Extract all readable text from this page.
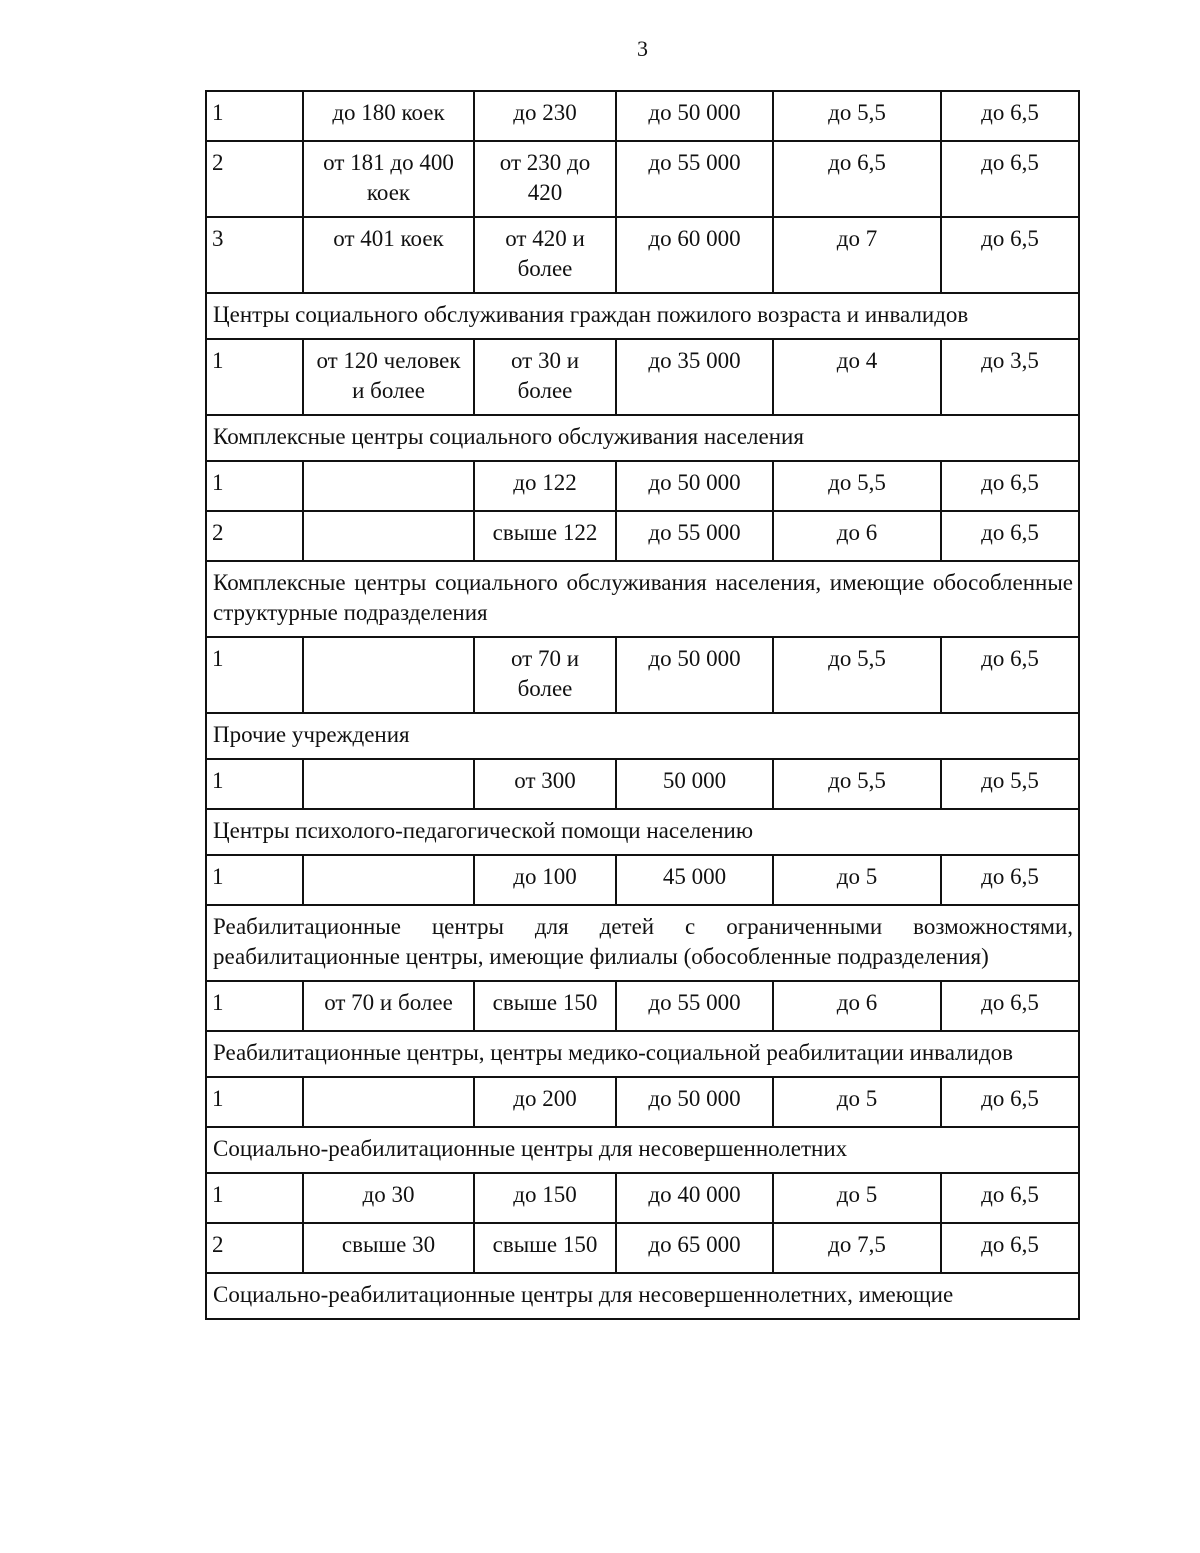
3
1	до 180 коек	до 230	до 50 000	до 5,5	до 6,5
2	от 181 до 400 коек	от 230 до 420	до 55 000	до 6,5	до 6,5
3	от 401 коек	от 420 и более	до 60 000	до 7	до 6,5
Центры социального обслуживания граждан пожилого возраста и инвалидов					
1	от 120 человек и более	от 30 и более	до 35 000	до 4	до 3,5
Комплексные центры социального обслуживания населения					
1		до 122	до 50 000	до 5,5	до 6,5
2		свыше 122	до 55 000	до 6	до 6,5
Комплексные центры социального обслуживания населения, имеющие обособленные структурные подразделения					
1		от 70 и более	до 50 000	до 5,5	до 6,5
Прочие учреждения					
1		от 300	50 000	до 5,5	до 5,5
Центры психолого-педагогической помощи населению					
1		до 100	45 000	до 5	до 6,5
Реабилитационные центры для детей с ограниченными возможностями, реабилитационные центры, имеющие филиалы (обособленные подразделения)					
1	от 70 и более	свыше 150	до 55 000	до 6	до 6,5
Реабилитационные центры, центры медико-социальной реабилитации инвалидов					
1		до 200	до 50 000	до 5	до 6,5
Социально-реабилитационные центры для несовершеннолетних					
1	до 30	до 150	до 40 000	до 5	до 6,5
2	свыше 30	свыше 150	до 65 000	до 7,5	до 6,5
Социально-реабилитационные центры для несовершеннолетних, имеющие					
